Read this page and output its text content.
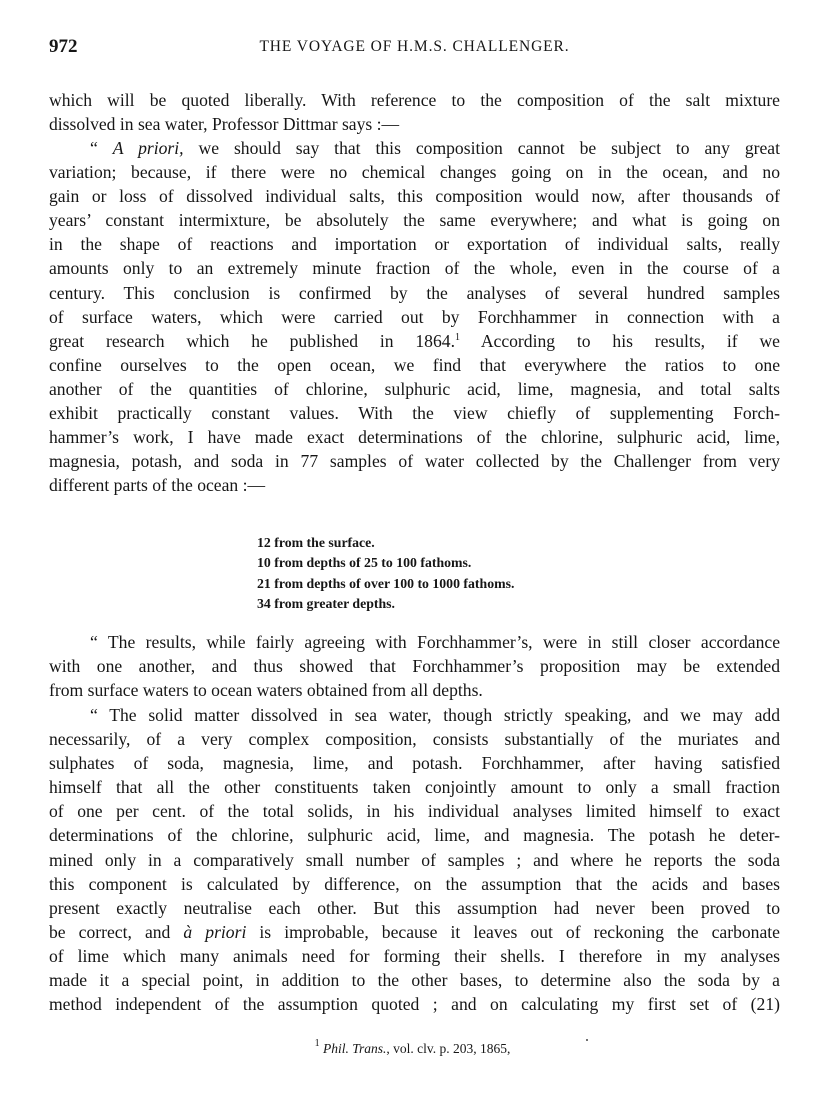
972	THE VOYAGE OF H.M.S. CHALLENGER.
which will be quoted liberally. With reference to the composition of the salt mixture
dissolved in sea water, Professor Dittmar says :—
“ A priori, we should say that this composition cannot be subject to any great
variation; because, if there were no chemical changes going on in the ocean, and no
gain or loss of dissolved individual salts, this composition would now, after thousands of
years’ constant intermixture, be absolutely the same everywhere; and what is going on
in the shape of reactions and importation or exportation of individual salts, really
amounts only to an extremely minute fraction of the whole, even in the course of a
century. This conclusion is confirmed by the analyses of several hundred samples
of surface waters, which were carried out by Forchhammer in connection with a
great research which he published in 1864.$^1$ According to his results, if we
confine ourselves to the open ocean, we find that everywhere the ratios to one
another of the quantities of chlorine, sulphuric acid, lime, magnesia, and total salts
exhibit practically constant values. With the view chiefly of supplementing Forch-
hammer’s work, I have made exact determinations of the chlorine, sulphuric acid, lime,
magnesia, potash, and soda in 77 samples of water collected by the Challenger from very
different parts of the ocean :—
12 from the surface.
10 from depths of 25 to 100 fathoms.
21 from depths of over 100 to 1000 fathoms.
34 from greater depths.
“ The results, while fairly agreeing with Forchhammer’s, were in still closer accordance
with one another, and thus showed that Forchhammer’s proposition may be extended
from surface waters to ocean waters obtained from all depths.
“ The solid matter dissolved in sea water, though strictly speaking, and we may add
necessarily, of a very complex composition, consists substantially of the muriates and
sulphates of soda, magnesia, lime, and potash. Forchhammer, after having satisfied
himself that all the other constituents taken conjointly amount to only a small fraction
of one per cent. of the total solids, in his individual analyses limited himself to exact
determinations of the chlorine, sulphuric acid, lime, and magnesia. The potash he deter-
mined only in a comparatively small number of samples ; and where he reports the soda
this component is calculated by difference, on the assumption that the acids and bases
present exactly neutralise each other. But this assumption had never been proved to
be correct, and à priori is improbable, because it leaves out of reckoning the carbonate
of lime which many animals need for forming their shells. I therefore in my analyses
made it a special point, in addition to the other bases, to determine also the soda by a
method independent of the assumption quoted ; and on calculating my first set of (21)
$^1$ Phil. Trans., vol. clv. p. 203, 1865,
